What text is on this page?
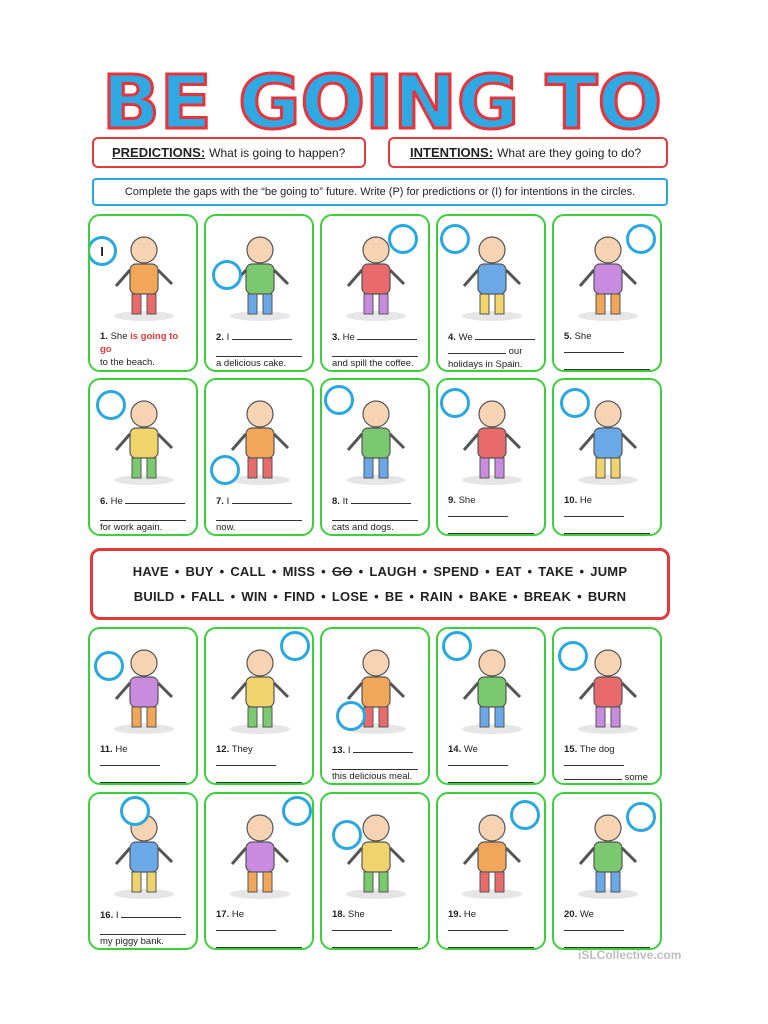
BE GOING TO
PREDICTIONS: What is going to happen?	INTENTIONS: What are they going to do?
Complete the gaps with the “be going to” future. Write (P) for predictions or (I) for intentions in the circles.
I
1. She is going to go
to the beach.
2. I
a delicious cake.
3. He
and spill the coffee.
4. We
our
holidays in Spain.
5. She
6. He
for work again.
7. I
now.
8. It
cats and dogs.
9. She	10. He
HAVE • BUY • CALL • MISS • GO • LAUGH • SPEND • EAT • TAKE • JUMP
BUILD • FALL • WIN • FIND • LOSE • BE • RAIN • BAKE • BREAK • BURN
11. He	12. They	13. I
this delicious meal.
14. We	15. The dog
some
16. I
my piggy bank.
17. He	18. She	19. He	20. We
iSLCollective.com
